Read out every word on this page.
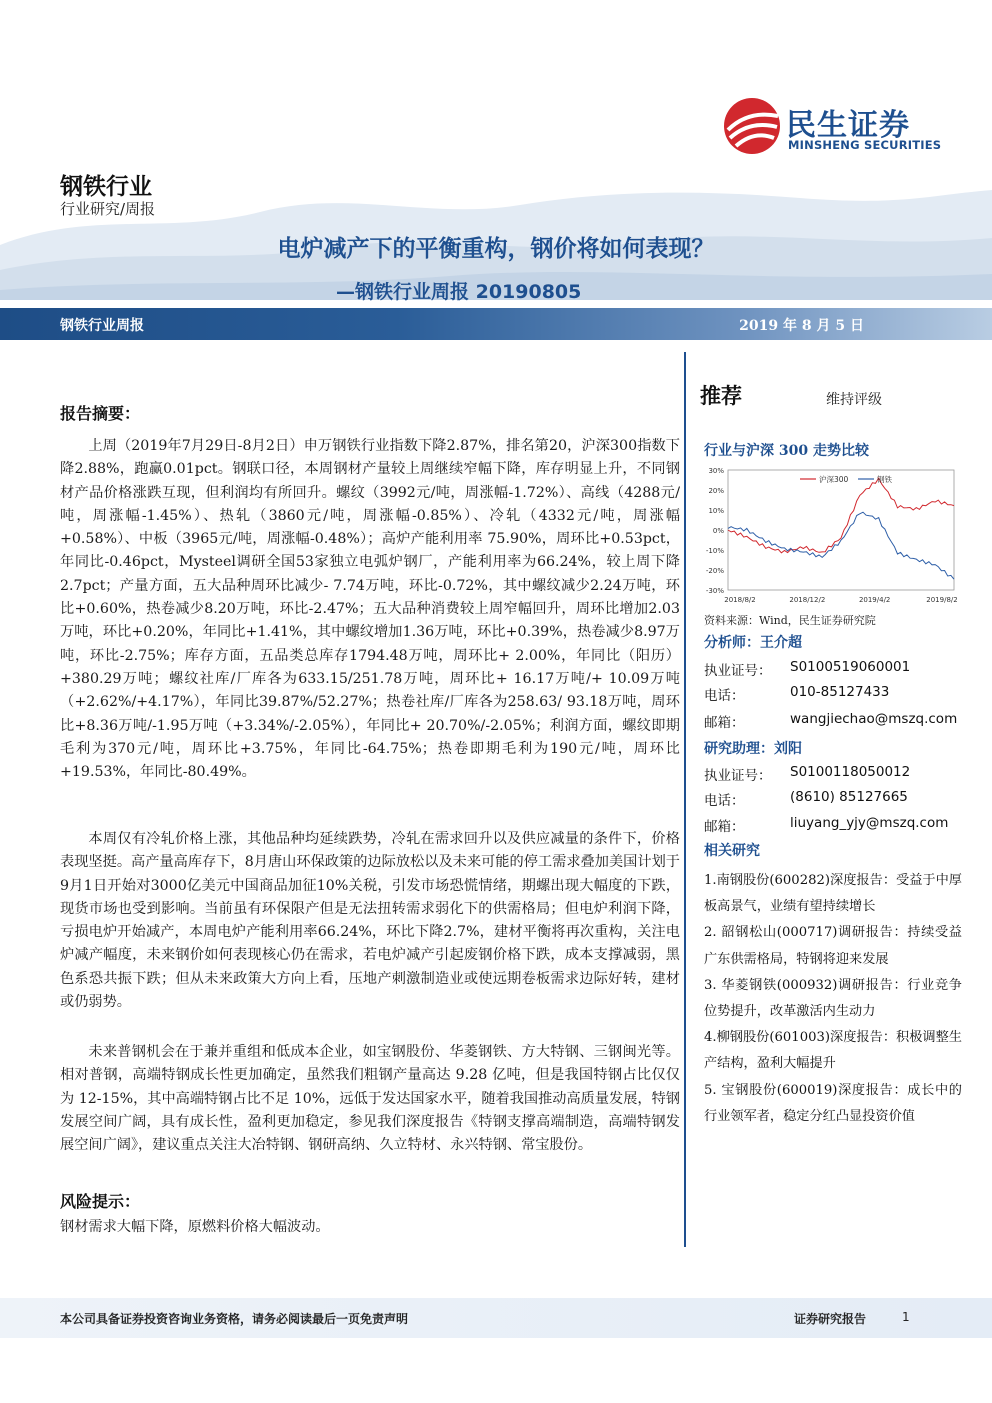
民生证券
MINSHENG SECURITIES
钢铁行业
行业研究/周报
电炉减产下的平衡重构，钢价将如何表现？
—钢铁行业周报 20190805
钢铁行业周报	2019 年 8 月 5 日
报告摘要：
上周（2019年7月29日-8月2日）申万钢铁行业指数下降2.87%，排名第20，沪深300指数下降2.88%，跑赢0.01pct。钢联口径，本周钢材产量较上周继续窄幅下降，库存明显上升，不同钢材产品价格涨跌互现，但利润均有所回升。螺纹（3992元/吨，周涨幅-1.72%）、高线（4288元/吨，周涨幅-1.45%）、热轧（3860元/吨，周涨幅-0.85%）、冷轧（4332元/吨，周涨幅+0.58%）、中板（3965元/吨，周涨幅-0.48%）；高炉产能利用率 75.90%，周环比+0.53pct，年同比-0.46pct，Mysteel调研全国53家独立电弧炉钢厂，产能利用率为66.24%，较上周下降2.7pct；产量方面，五大品种周环比减少- 7.74万吨，环比-0.72%，其中螺纹减少2.24万吨，环比+0.60%，热卷减少8.20万吨，环比-2.47%；五大品种消费较上周窄幅回升，周环比增加2.03万吨，环比+0.20%，年同比+1.41%，其中螺纹增加1.36万吨，环比+0.39%，热卷减少8.97万吨，环比-2.75%；库存方面，五品类总库存1794.48万吨，周环比+ 2.00%，年同比（阳历）+380.29万吨；螺纹社库/厂库各为633.15/251.78万吨，周环比+ 16.17万吨/+ 10.09万吨（+2.62%/+4.17%），年同比39.87%/52.27%；热卷社库/厂库各为258.63/ 93.18万吨，周环比+8.36万吨/-1.95万吨（+3.34%/-2.05%），年同比+ 20.70%/-2.05%；利润方面，螺纹即期毛利为370元/吨，周环比+3.75%，年同比-64.75%；热卷即期毛利为190元/吨，周环比+19.53%，年同比-80.49%。
本周仅有冷轧价格上涨，其他品种均延续跌势，冷轧在需求回升以及供应减量的条件下，价格表现坚挺。高产量高库存下，8月唐山环保政策的边际放松以及未来可能的停工需求叠加美国计划于9月1日开始对3000亿美元中国商品加征10%关税，引发市场恐慌情绪，期螺出现大幅度的下跌，现货市场也受到影响。当前虽有环保限产但是无法扭转需求弱化下的供需格局；但电炉利润下降，亏损电炉开始减产，本周电炉产能利用率66.24%，环比下降2.7%，建材平衡将再次重构，关注电炉减产幅度，未来钢价如何表现核心仍在需求，若电炉减产引起废钢价格下跌，成本支撑减弱，黑色系恐共振下跌；但从未来政策大方向上看，压地产刺激制造业或使远期卷板需求边际好转，建材或仍弱势。
未来普钢机会在于兼并重组和低成本企业，如宝钢股份、华菱钢铁、方大特钢、三钢闽光等。相对普钢，高端特钢成长性更加确定，虽然我们粗钢产量高达 9.28 亿吨，但是我国特钢占比仅仅为 12-15%，其中高端特钢占比不足 10%，远低于发达国家水平，随着我国推动高质量发展，特钢发展空间广阔，具有成长性，盈利更加稳定，参见我们深度报告《特钢支撑高端制造，高端特钢发展空间广阔》，建议重点关注大冶特钢、钢研高纳、久立特材、永兴特钢、常宝股份。
风险提示：
钢材需求大幅下降，原燃料价格大幅波动。
推荐	维持评级
行业与沪深 300 走势比较
30%
20%
10%
0%
-10%
-20%
-30%
2018/8/2	2018/12/2	2019/4/2	2019/8/2
沪深300	钢铁
资料来源：Wind，民生证券研究院
分析师：王介超
执业证号：	S0100519060001
电话：	010-85127433
邮箱：	wangjiechao@mszq.com
研究助理：刘阳
执业证号：	S0100118050012
电话：	(8610) 85127665
邮箱：	liuyang_yjy@mszq.com
相关研究
1.南钢股份(600282)深度报告：受益于中厚板高景气，业绩有望持续增长
2. 韶钢松山(000717)调研报告：持续受益广东供需格局，特钢将迎来发展
3. 华菱钢铁(000932)调研报告：行业竞争位势提升，改革激活内生动力
4.柳钢股份(601003)深度报告：积极调整生产结构，盈利大幅提升
5. 宝钢股份(600019)深度报告：成长中的行业领军者，稳定分红凸显投资价值
本公司具备证券投资咨询业务资格，请务必阅读最后一页免责声明	证券研究报告	1
